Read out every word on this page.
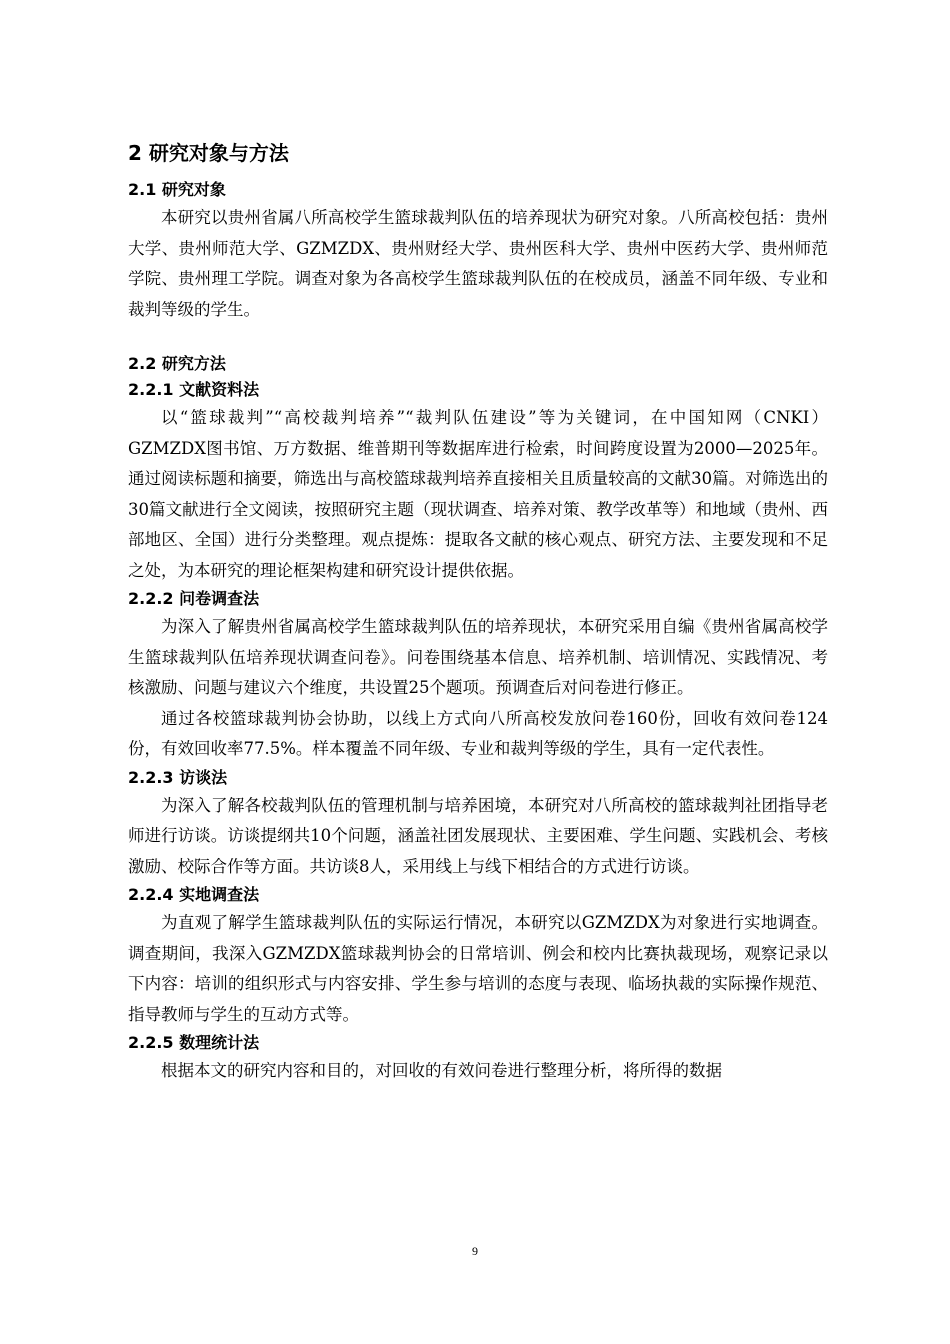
2 研究对象与方法
2.1 研究对象

本研究以贵州省属八所高校学生篮球裁判队伍的培养现状为研究对象。八所高校包括：贵州大学、贵州师范大学、GZMZDX、贵州财经大学、贵州医科大学、贵州中医药大学、贵州师范学院、贵州理工学院。调查对象为各高校学生篮球裁判队伍的在校成员，涵盖不同年级、专业和裁判等级的学生。

2.2 研究方法
2.2.1 文献资料法

以“篮球裁判”“高校裁判培养”“裁判队伍建设”等为关键词，在中国知网（CNKI）GZMZDX图书馆、万方数据、维普期刊等数据库进行检索，时间跨度设置为2000—2025年。通过阅读标题和摘要，筛选出与高校篮球裁判培养直接相关且质量较高的文献30篇。对筛选出的30篇文献进行全文阅读，按照研究主题（现状调查、培养对策、教学改革等）和地域（贵州、西部地区、全国）进行分类整理。观点提炼：提取各文献的核心观点、研究方法、主要发现和不足之处，为本研究的理论框架构建和研究设计提供依据。

2.2.2 问卷调查法

为深入了解贵州省属高校学生篮球裁判队伍的培养现状，本研究采用自编《贵州省属高校学生篮球裁判队伍培养现状调查问卷》。问卷围绕基本信息、培养机制、培训情况、实践情况、考核激励、问题与建议六个维度，共设置25个题项。预调查后对问卷进行修正。

通过各校篮球裁判协会协助，以线上方式向八所高校发放问卷160份，回收有效问卷124份，有效回收率77.5%。样本覆盖不同年级、专业和裁判等级的学生，具有一定代表性。

2.2.3 访谈法

为深入了解各校裁判队伍的管理机制与培养困境，本研究对八所高校的篮球裁判社团指导老师进行访谈。访谈提纲共10个问题，涵盖社团发展现状、主要困难、学生问题、实践机会、考核激励、校际合作等方面。共访谈8人，采用线上与线下相结合的方式进行访谈。

2.2.4 实地调查法

为直观了解学生篮球裁判队伍的实际运行情况，本研究以GZMZDX为对象进行实地调查。调查期间，我深入GZMZDX篮球裁判协会的日常培训、例会和校内比赛执裁现场，观察记录以下内容：培训的组织形式与内容安排、学生参与培训的态度与表现、临场执裁的实际操作规范、指导教师与学生的互动方式等。

2.2.5 数理统计法

根据本文的研究内容和目的，对回收的有效问卷进行整理分析，将所得的数据

9
